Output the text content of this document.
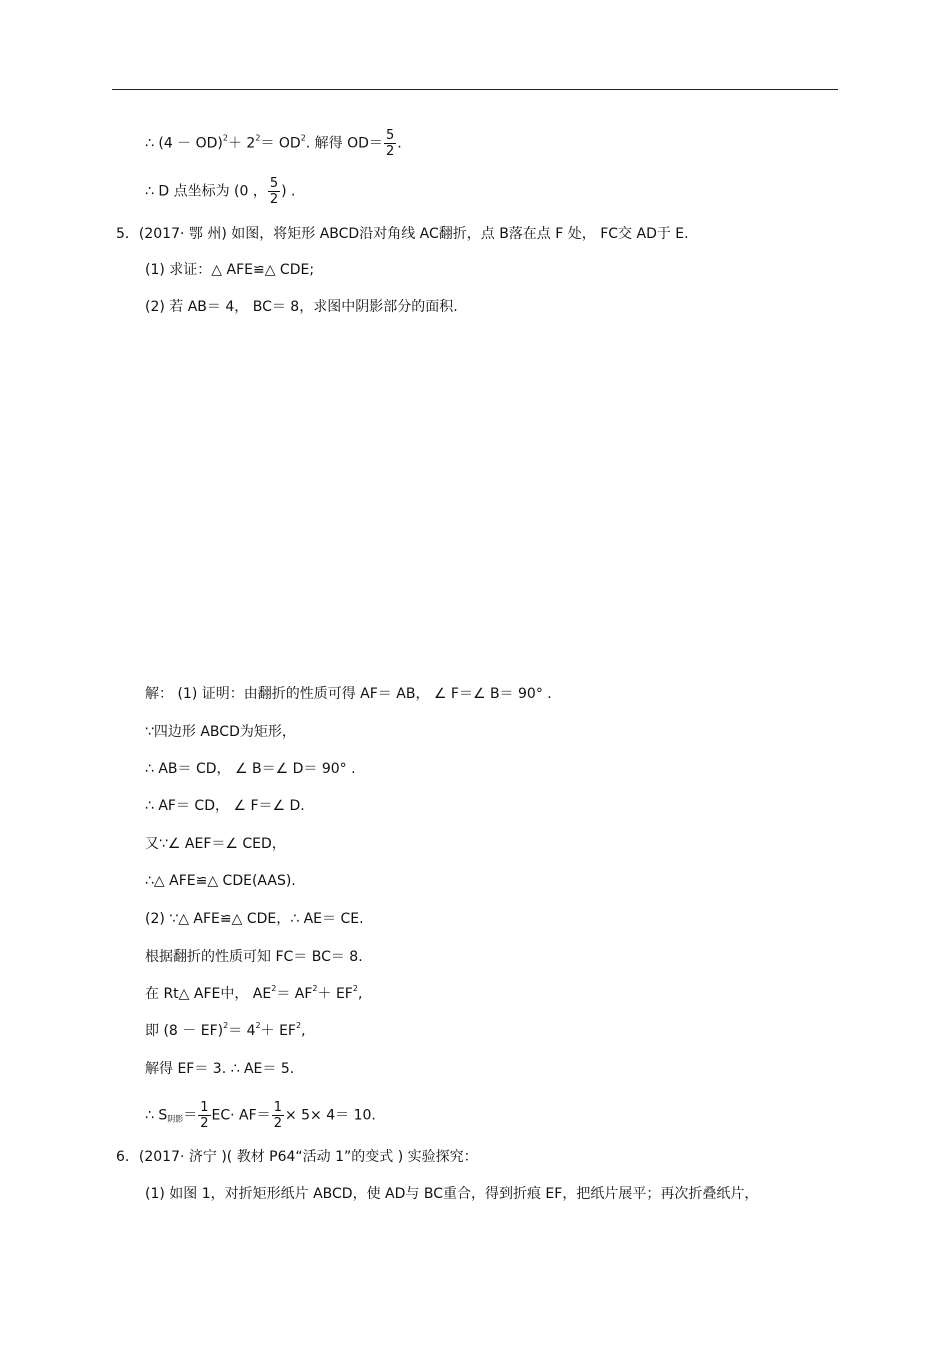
∴ $(4 - OD)^2+ 2^2= OD^2$. 解得 $OD= \frac{5}{2}$ .
∴ D 点坐标为 (0 ， $\frac{5}{2}$ ) .
5．(2017· 鄂 州) 如图，将矩形 ABCD沿对角线 AC翻折，点 B落在点 F 处， FC交 AD于 E.
(1) 求证：△ AFE≌△ CDE;
(2) 若 AB＝ 4， BC＝ 8，求图中阴影部分的面积.
解： (1) 证明：由翻折的性质可得 AF＝ AB， ∠ F＝∠ B＝ 90° .
∵四边形 ABCD为矩形，
∴ AB＝ CD， ∠ B＝∠ D＝ 90° .
∴ AF＝ CD， ∠ F＝∠ D.
又∵∠ AEF＝∠ CED，
∴△ AFE≌△ CDE(AAS).
(2) ∵△ AFE≌△ CDE，∴ AE＝ CE.
根据翻折的性质可知 FC＝ BC＝ 8.
在 Rt△ AFE中， $AE^2= AF^2+ EF^2$,
即 $(8 - EF)^2= 4^2+ EF^2$,
解得 EF＝ 3. ∴ AE＝ 5.
∴ $S_{阴影}= \frac{1}{2} EC\cdot AF= \frac{1}{2} \times 5\times 4= 10$.
6．(2017· 济宁 )( 教材 P64“活动 1”的变式 ) 实验探究：
(1) 如图 1，对折矩形纸片 ABCD，使 AD与 BC重合，得到折痕 EF，把纸片展平；再次折叠纸片，
